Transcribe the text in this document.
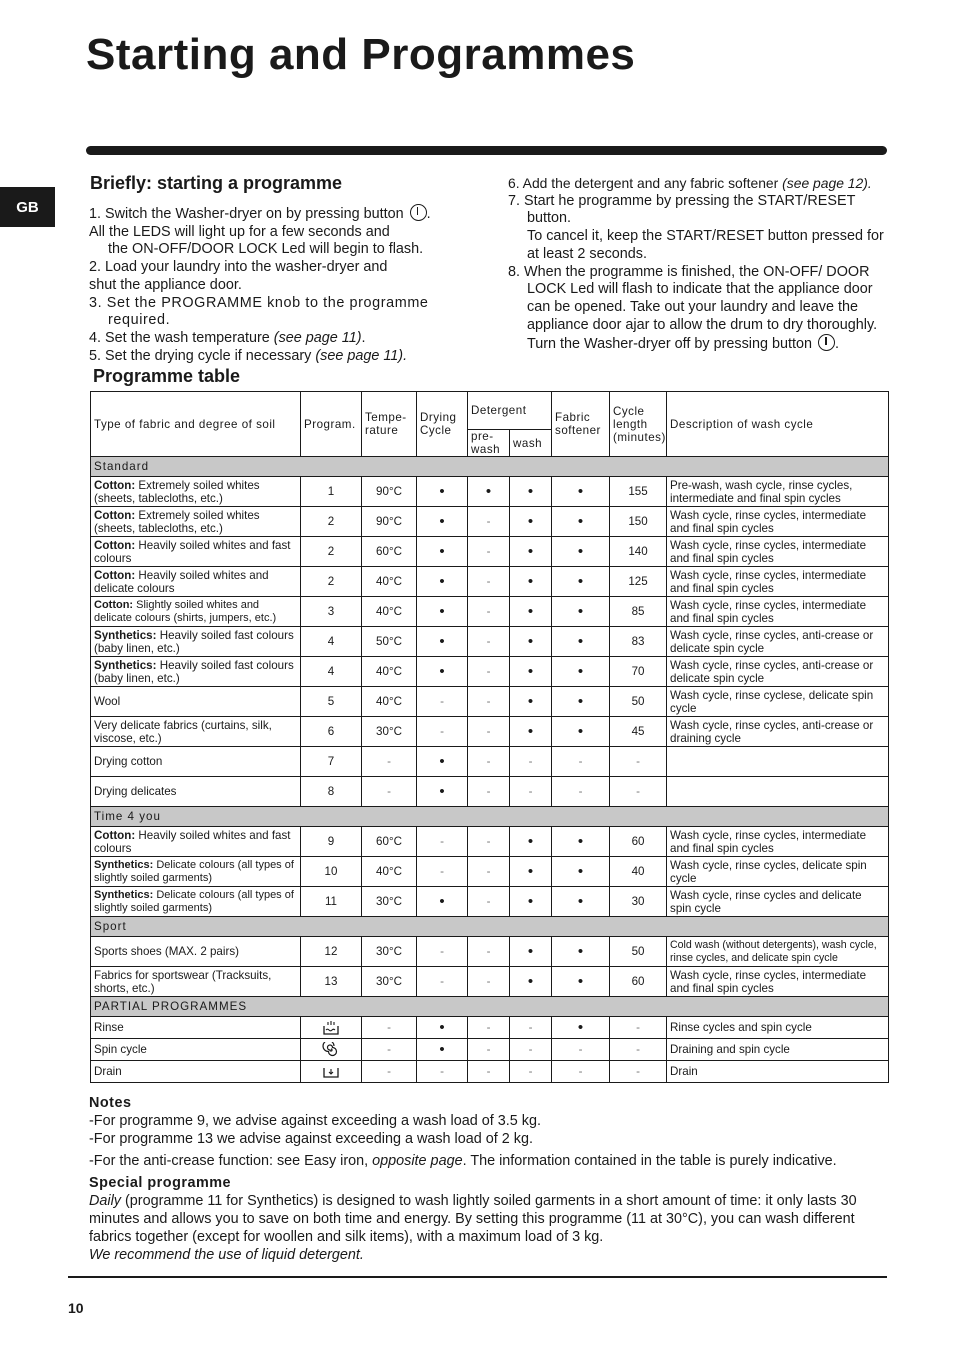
Starting and Programmes
GB
Briefly: starting a programme

1. Switch the Washer-dryer on by pressing button .

All the LEDS will light up for a few seconds and

the ON-OFF/DOOR LOCK Led will begin to flash.

2. Load your laundry into the washer-dryer and

shut the appliance door.

3. Set the PROGRAMME knob to the programme required.

4. Set the wash temperature (see page 11).

5. Set the drying cycle if necessary (see page 11).

6. Add the detergent and any fabric softener (see page 12).

7. Start he programme by pressing the START/RESET button.

To cancel it, keep the START/RESET button pressed for at least 2 seconds.

8. When the programme is finished, the ON-OFF/ DOOR LOCK Led will flash to indicate that the appliance door can be opened. Take out your laundry and leave the appliance door ajar to allow the drum to dry thoroughly. Turn the Washer-dryer off by pressing button .

Programme table
Type of fabric and degree of soil	Program.	Tempe- rature	Drying Cycle	Detergent		Fabric softener	Cycle length (minutes)	Description of wash cycle
				pre- wash	wash			
Standard								
Cotton: Extremely soiled whites (sheets, tablecloths, etc.)	1	90°C	•	•	•	•	155	Pre-wash, wash cycle, rinse cycles, intermediate and final spin cycles
Cotton: Extremely soiled whites (sheets, tablecloths, etc.)	2	90°C	•	-	•	•	150	Wash cycle, rinse cycles, intermediate and final spin cycles
Cotton: Heavily soiled whites and fast colours	2	60°C	•	-	•	•	140	Wash cycle, rinse cycles, intermediate and final spin cycles
Cotton: Heavily soiled whites and delicate colours	2	40°C	•	-	•	•	125	Wash cycle, rinse cycles, intermediate and final spin cycles
Cotton: Slightly soiled whites and delicate colours (shirts, jumpers, etc.)	3	40°C	•	-	•	•	85	Wash cycle, rinse cycles, intermediate and final spin cycles
Synthetics: Heavily soiled fast colours (baby linen, etc.)	4	50°C	•	-	•	•	83	Wash cycle, rinse cycles, anti-crease or delicate spin cycle
Synthetics: Heavily soiled fast colours (baby linen, etc.)	4	40°C	•	-	•	•	70	Wash cycle, rinse cycles, anti-crease or delicate spin cycle
Wool	5	40°C	-	-	•	•	50	Wash cycle, rinse cyclese, delicate spin cycle
Very delicate fabrics (curtains, silk, viscose, etc.)	6	30°C	-	-	•	•	45	Wash cycle, rinse cycles, anti-crease or draining cycle
Drying cotton	7	-	•	-	-	-	-	
Drying delicates	8	-	•	-	-	-	-	
Time 4 you								
Cotton: Heavily soiled whites and fast colours	9	60°C	-	-	•	•	60	Wash cycle, rinse cycles, intermediate and final spin cycles
Synthetics: Delicate colours (all types of slightly soiled garments)	10	40°C	-	-	•	•	40	Wash cycle, rinse cycles, delicate spin cycle
Synthetics: Delicate colours (all types of slightly soiled garments)	11	30°C	•	-	•	•	30	Wash cycle, rinse cycles and delicate spin cycle
Sport								
Sports shoes (MAX. 2 pairs)	12	30°C	-	-	•	•	50	Cold wash (without detergents), wash cycle, rinse cycles, and delicate spin cycle
Fabrics for sportswear (Tracksuits, shorts, etc.)	13	30°C	-	-	•	•	60	Wash cycle, rinse cycles, intermediate and final spin cycles
PARTIAL PROGRAMMES								
Rinse		-	•	-	-	•	-	Rinse cycles and spin cycle
Spin cycle		-	•	-	-	-	-	Draining and spin cycle
Drain		-	-	-	-	-	-	Drain

Notes

-For programme 9, we advise against exceeding a wash load of 3.5 kg.

-For programme 13 we advise against exceeding a wash load of 2 kg.

-For the anti-crease function: see Easy iron, opposite page. The information contained in the table is purely indicative.

Special programme

Daily (programme 11 for Synthetics) is designed to wash lightly soiled garments in a short amount of time: it only lasts 30 minutes and allows you to save on both time and energy. By setting this programme (11 at 30°C), you can wash different fabrics together (except for woollen and silk items), with a maximum load of 3 kg.

We recommend the use of liquid detergent.

10
